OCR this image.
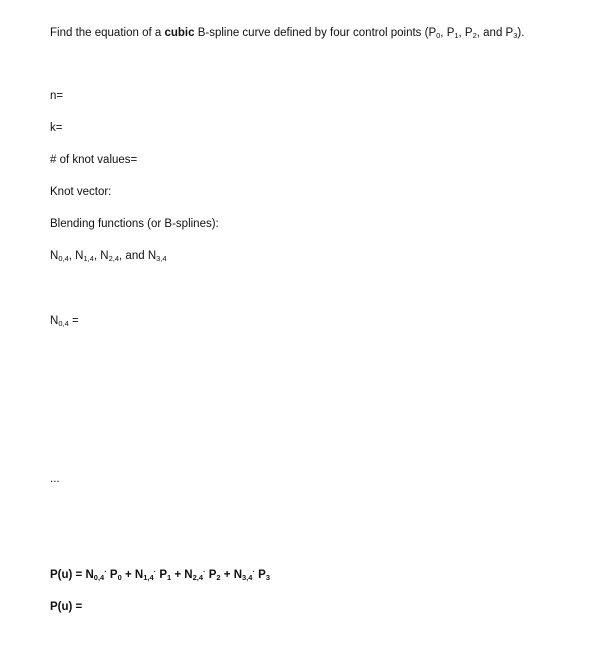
Find the equation of a cubic B-spline curve defined by four control points ($P_0$, $P_1$, $P_2$, and $P_3$).
n=
k=
# of knot values=
Knot vector:
Blending functions (or B-splines):
$N_{0,4}$, $N_{1,4}$, $N_{2,4}$, and $N_{3,4}$
$N_{0,4}$ =
...
$P(u) = N_{0,4}^\cdot$ $P_0 + N_{1,4}^\cdot$ $P_1 + N_{2,4}^\cdot$ $P_2 + N_{3,4}^\cdot$ $P_3$
P(u) =
